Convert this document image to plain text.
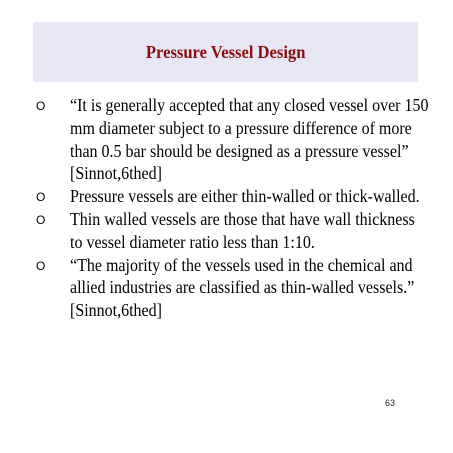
Pressure Vessel Design
O “It is generally accepted that any closed vessel over 150 mm diameter subject to a pressure difference of more than 0.5 bar should be designed as a pressure vessel” [Sinnot,6thed]
O Pressure vessels are either thin-walled or thick-walled.
O Thin walled vessels are those that have wall thickness to vessel diameter ratio less than 1:10.
O “The majority of the vessels used in the chemical and allied industries are classified as thin-walled vessels.” [Sinnot,6thed]
63
